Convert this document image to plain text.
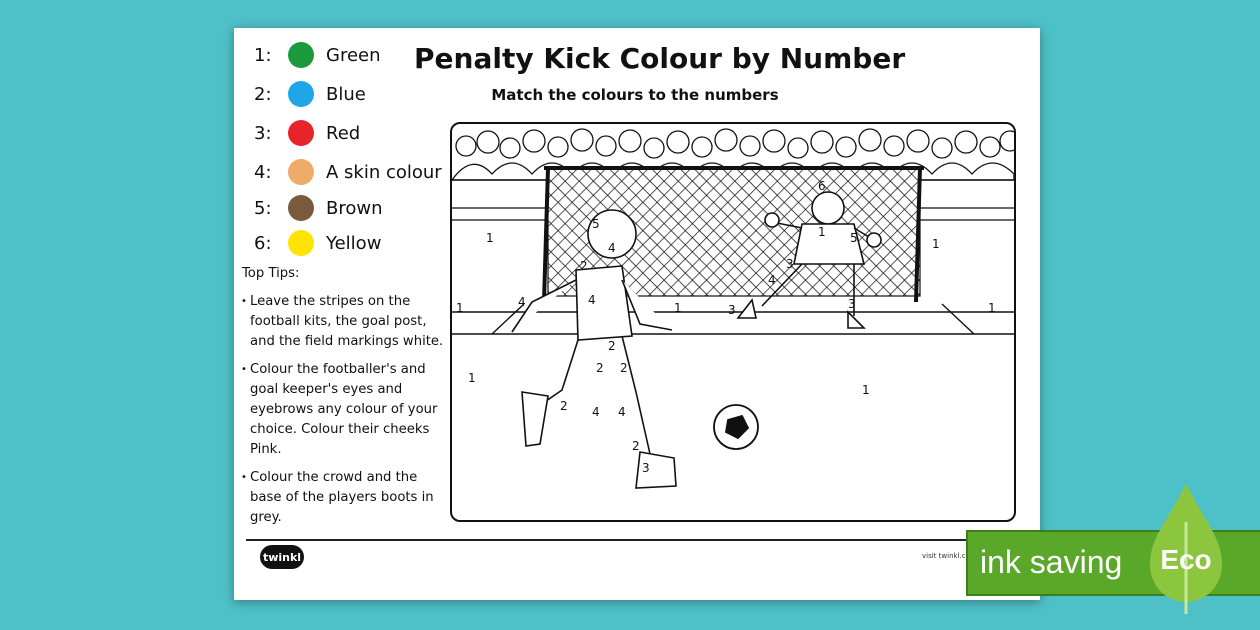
1:	Green
2:	Blue
3:	Red
4:	A skin colour
5:	Brown
6:	Yellow
Penalty Kick Colour by Number
Match the colours to the numbers
Top Tips:
• Leave the stripes on the football kits, the goal post, and the field markings white.
• Colour the footballer's and goal keeper's eyes and eyebrows any colour of your choice. Colour their cheeks Pink.
• Colour the crowd and the base of the players boots in grey.
1	1
1	1	1
1
1
1
2
2
2 2
2
2
3
3	3
3
4
4
4
4 4
4
5
5
6
7
twinkl	visit twinkl.c ink saving Eco
